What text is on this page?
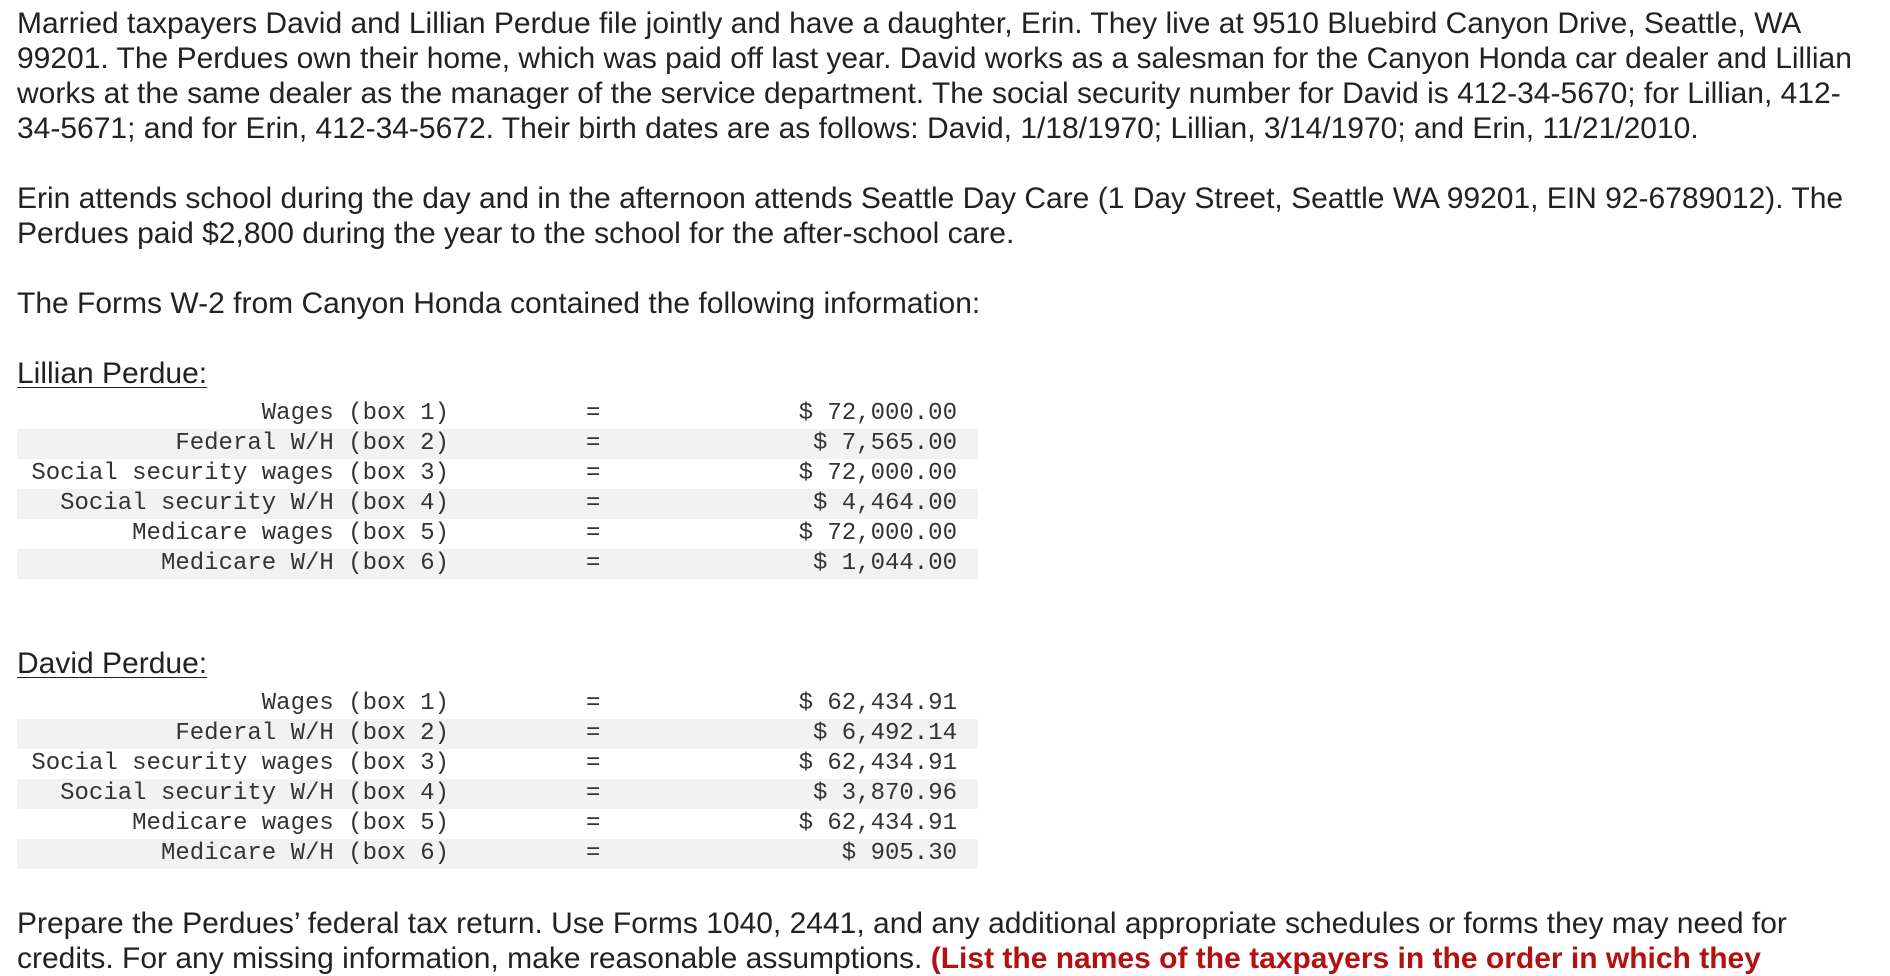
Married taxpayers David and Lillian Perdue file jointly and have a daughter, Erin. They live at 9510 Bluebird Canyon Drive, Seattle, WA 99201. The Perdues own their home, which was paid off last year. David works as a salesman for the Canyon Honda car dealer and Lillian works at the same dealer as the manager of the service department. The social security number for David is 412-34-5670; for Lillian, 412-34-5671; and for Erin, 412-34-5672. Their birth dates are as follows: David, 1/18/1970; Lillian, 3/14/1970; and Erin, 11/21/2010.

Erin attends school during the day and in the afternoon attends Seattle Day Care (1 Day Street, Seattle WA 99201, EIN 92-6789012). The Perdues paid $2,800 during the year to the school for the after-school care.

The Forms W-2 from Canyon Honda contained the following information:

Lillian Perdue:

Wages (box 1)	=	$ 72,000.00
Federal W/H (box 2)	=	$ 7,565.00
Social security wages (box 3)	=	$ 72,000.00
Social security W/H (box 4)	=	$ 4,464.00
Medicare wages (box 5)	=	$ 72,000.00
Medicare W/H (box 6)	=	$ 1,044.00

David Perdue:

Wages (box 1)	=	$ 62,434.91
Federal W/H (box 2)	=	$ 6,492.14
Social security wages (box 3)	=	$ 62,434.91
Social security W/H (box 4)	=	$ 3,870.96
Medicare wages (box 5)	=	$ 62,434.91
Medicare W/H (box 6)	=	$ 905.30

Prepare the Perdues’ federal tax return. Use Forms 1040, 2441, and any additional appropriate schedules or forms they may need for credits. For any missing information, make reasonable assumptions. (List the names of the taxpayers in the order in which they
